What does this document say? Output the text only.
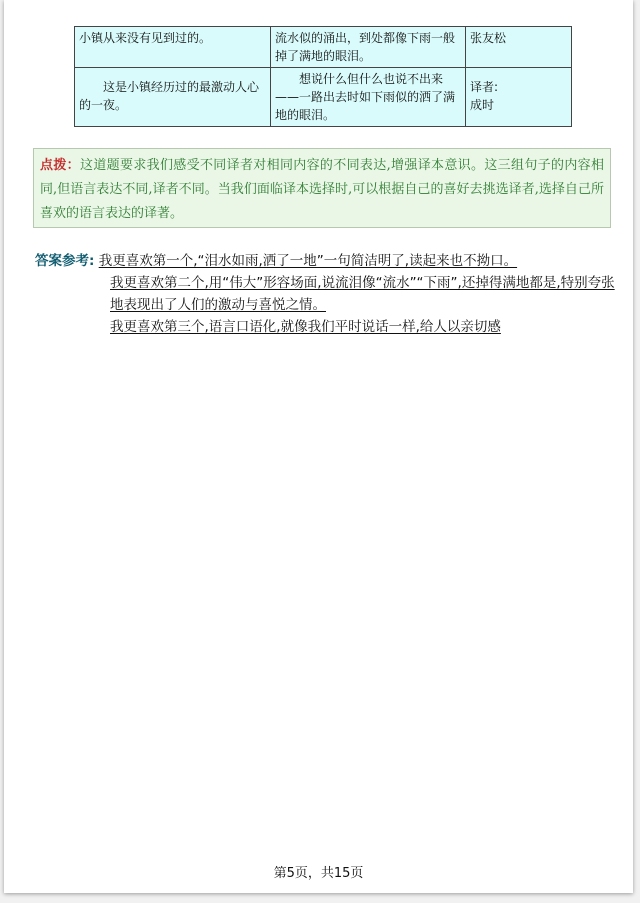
小镇从来没有见到过的。	流水似的涌出，到处都像下雨一般掉了满地的眼泪。	张友松
这是小镇经历过的最激动人心的一夜。	想说什么但什么也说不出来——一路出去时如下雨似的洒了满地的眼泪。	译者:
成时
点拨：这道题要求我们感受不同译者对相同内容的不同表达,增强译本意识。这三组句子的内容相同,但语言表达不同,译者不同。当我们面临译本选择时,可以根据自己的喜好去挑选译者,选择自己所喜欢的语言表达的译著。

答案参考: 我更喜欢第一个,“泪水如雨,洒了一地”一句简洁明了,读起来也不拗口。

我更喜欢第二个,用“伟大”形容场面,说流泪像“流水”“下雨”,还掉得满地都是,特别夸张地表现出了人们的激动与喜悦之情。

我更喜欢第三个,语言口语化,就像我们平时说话一样,给人以亲切感

第5页，共15页
